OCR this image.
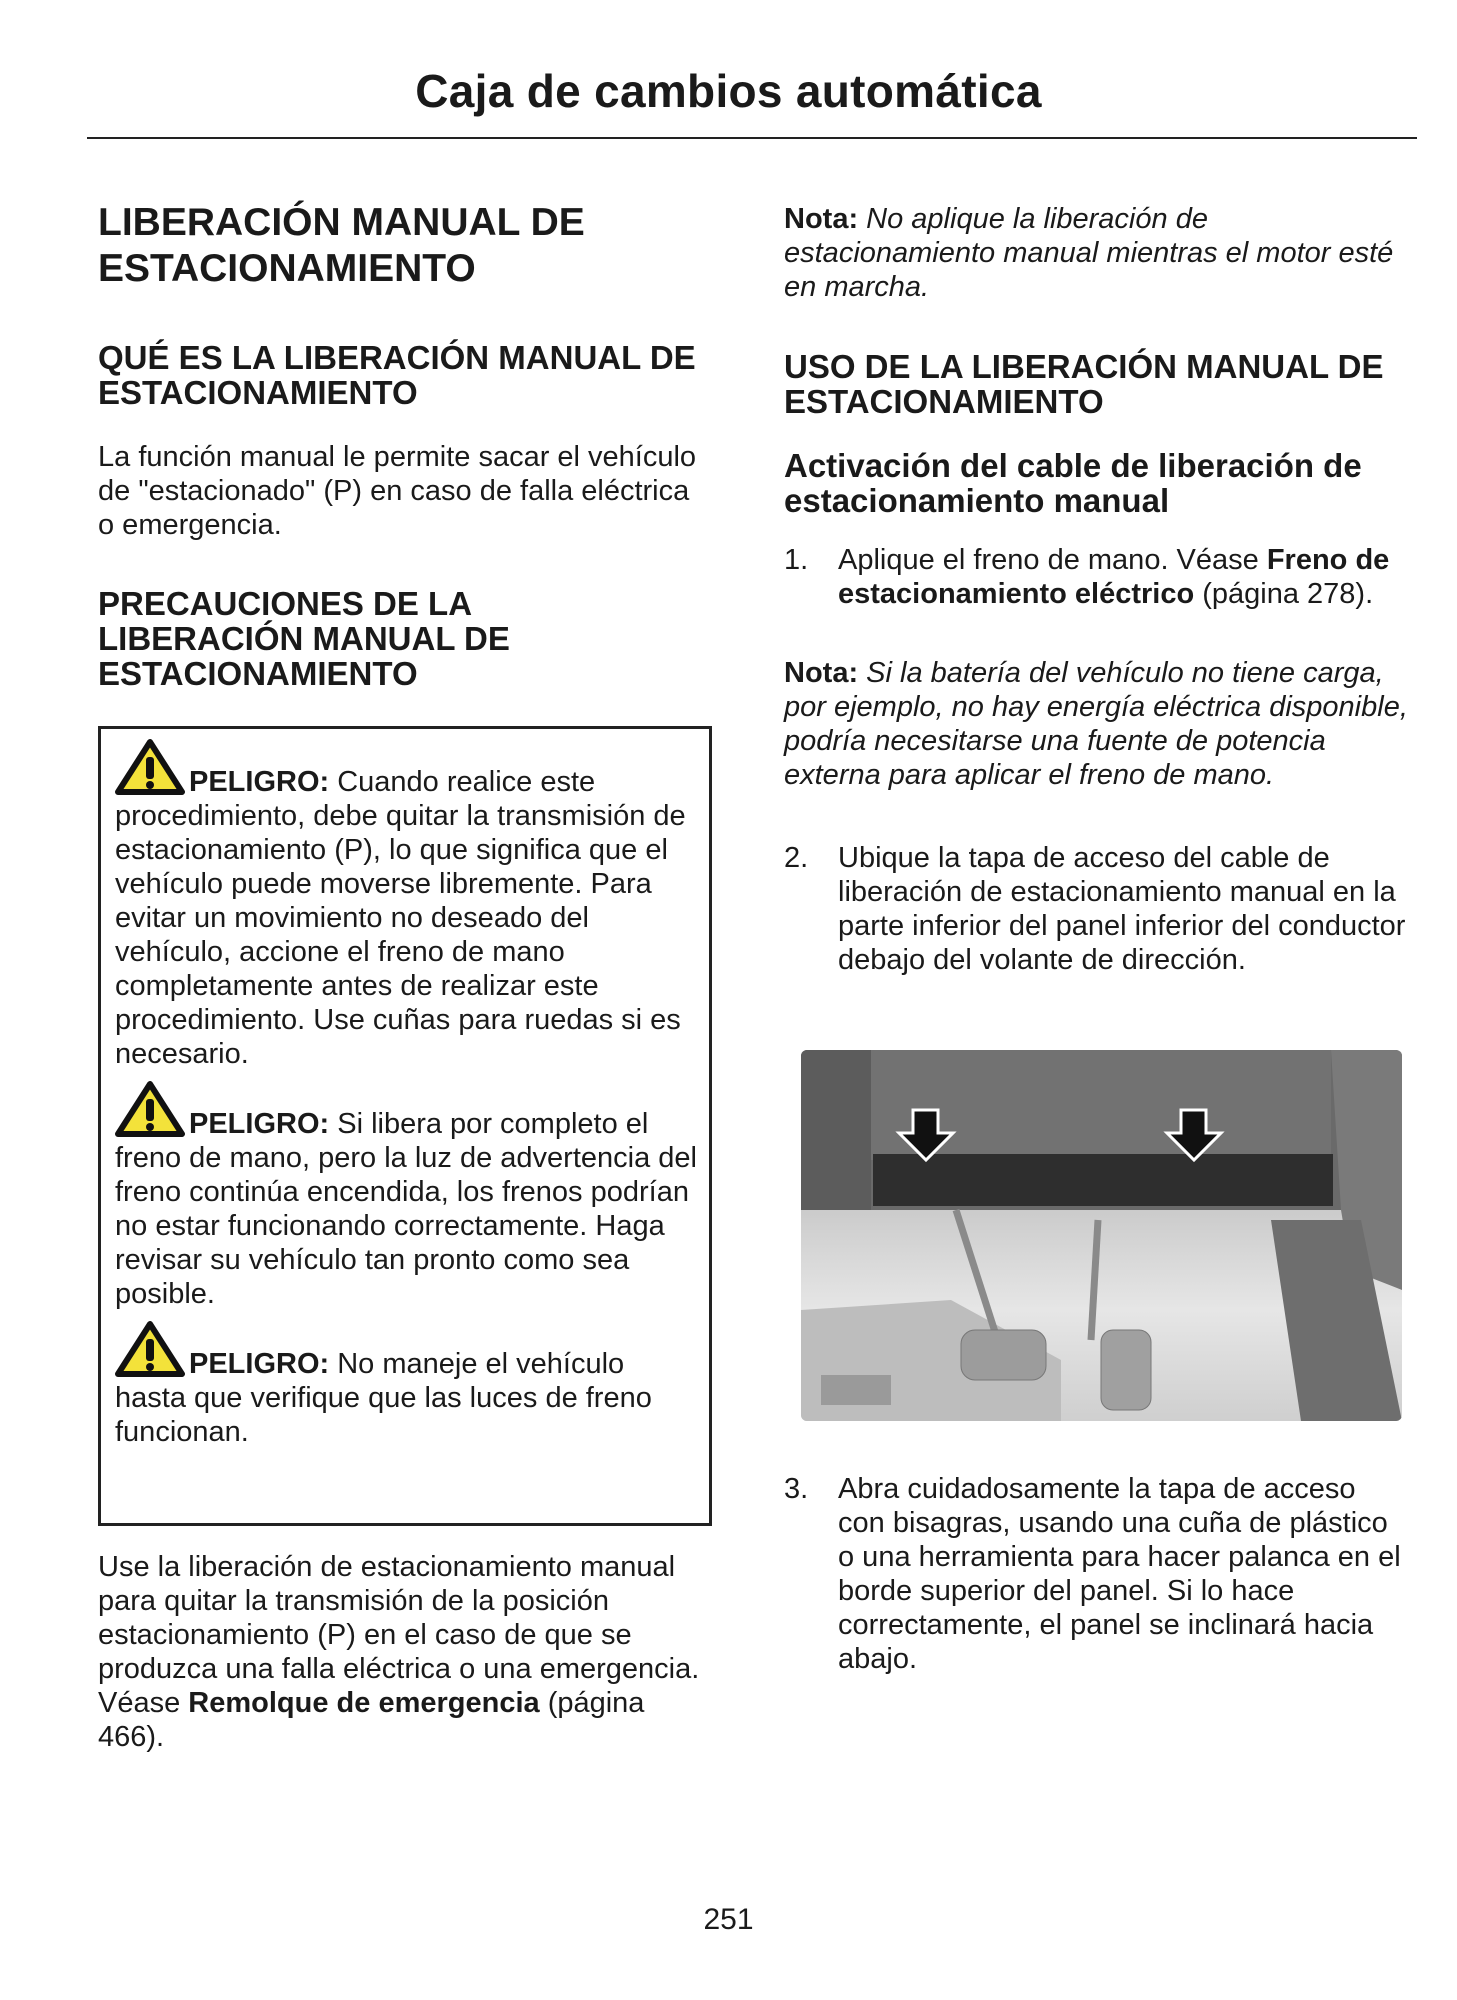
Caja de cambios automática
LIBERACIÓN MANUAL DE ESTACIONAMIENTO
QUÉ ES LA LIBERACIÓN MANUAL DE ESTACIONAMIENTO
La función manual le permite sacar el vehículo de "estacionado" (P) en caso de falla eléctrica o emergencia.
PRECAUCIONES DE LA LIBERACIÓN MANUAL DE ESTACIONAMIENTO
PELIGRO: Cuando realice este procedimiento, debe quitar la transmisión de estacionamiento (P), lo que significa que el vehículo puede moverse libremente. Para evitar un movimiento no deseado del vehículo, accione el freno de mano completamente antes de realizar este procedimiento. Use cuñas para ruedas si es necesario.
PELIGRO: Si libera por completo el freno de mano, pero la luz de advertencia del freno continúa encendida, los frenos podrían no estar funcionando correctamente. Haga revisar su vehículo tan pronto como sea posible.
PELIGRO: No maneje el vehículo hasta que verifique que las luces de freno funcionan.
Use la liberación de estacionamiento manual para quitar la transmisión de la posición estacionamiento (P) en el caso de que se produzca una falla eléctrica o una emergencia. Véase Remolque de emergencia (página 466).
Nota: No aplique la liberación de estacionamiento manual mientras el motor esté en marcha.
USO DE LA LIBERACIÓN MANUAL DE ESTACIONAMIENTO
Activación del cable de liberación de estacionamiento manual
1.	Aplique el freno de mano. Véase Freno de estacionamiento eléctrico (página 278).
Nota: Si la batería del vehículo no tiene carga, por ejemplo, no hay energía eléctrica disponible, podría necesitarse una fuente de potencia externa para aplicar el freno de mano.
2.	Ubique la tapa de acceso del cable de liberación de estacionamiento manual en la parte inferior del panel inferior del conductor debajo del volante de dirección.
3.	Abra cuidadosamente la tapa de acceso con bisagras, usando una cuña de plástico o una herramienta para hacer palanca en el borde superior del panel. Si lo hace correctamente, el panel se inclinará hacia abajo.
251
